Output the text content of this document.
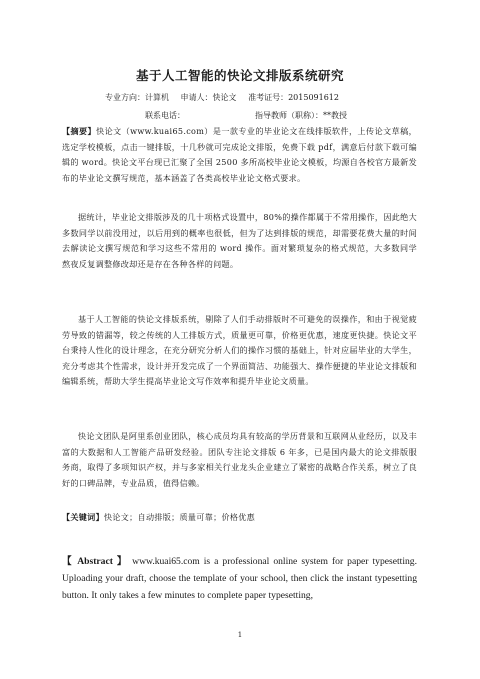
基于人工智能的快论文排版系统研究
专业方向：计算机 申请人：快论文 准考证号：2015091612
联系电话：	指导教师（职称）：**教授

【摘要】快论文（www.kuai65.com）是一款专业的毕业论文在线排版软件，上传论文草稿，选定学校模板，点击一键排版，十几秒就可完成论文排版，免费下载 pdf，满意后付款下载可编辑的 word。快论文平台现已汇聚了全国 2500 多所高校毕业论文模板，均源自各校官方最新发布的毕业论文撰写规范，基本涵盖了各类高校毕业论文格式要求。

据统计，毕业论文排版涉及的几十项格式设置中，80%的操作都属于不常用操作，因此绝大多数同学以前没用过，以后用到的概率也很低，但为了达到排版的规范，却需要花费大量的时间去解读论文撰写规范和学习这些不常用的 word 操作。面对繁琐复杂的格式规范，大多数同学熬夜反复调整修改却还是存在各种各样的问题。

基于人工智能的快论文排版系统，剔除了人们手动排版时不可避免的误操作，和由于视觉疲劳导致的错漏等，较之传统的人工排版方式，质量更可靠，价格更优惠，速度更快捷。快论文平台秉持人性化的设计理念，在充分研究分析人们的操作习惯的基础上，针对应届毕业的大学生，充分考虑其个性需求，设计并开发完成了一个界面简洁、功能强大、操作便捷的毕业论文排版和编辑系统，帮助大学生提高毕业论文写作效率和提升毕业论文质量。

快论文团队是阿里系创业团队，核心成员均具有较高的学历背景和互联网从业经历，以及丰富的大数据和人工智能产品研发经验。团队专注论文排版 6 年多，已是国内最大的论文排版服务商，取得了多项知识产权，并与多家相关行业龙头企业建立了紧密的战略合作关系，树立了良好的口碑品牌，专业品质，值得信赖。

【关键词】快论文；自动排版；质量可靠；价格优惠

【 Abstract 】 www.kuai65.com is a professional online system for paper typesetting. Uploading your draft, choose the template of your school, then click the instant typesetting button. It only takes a few minutes to complete paper typesetting,

1
